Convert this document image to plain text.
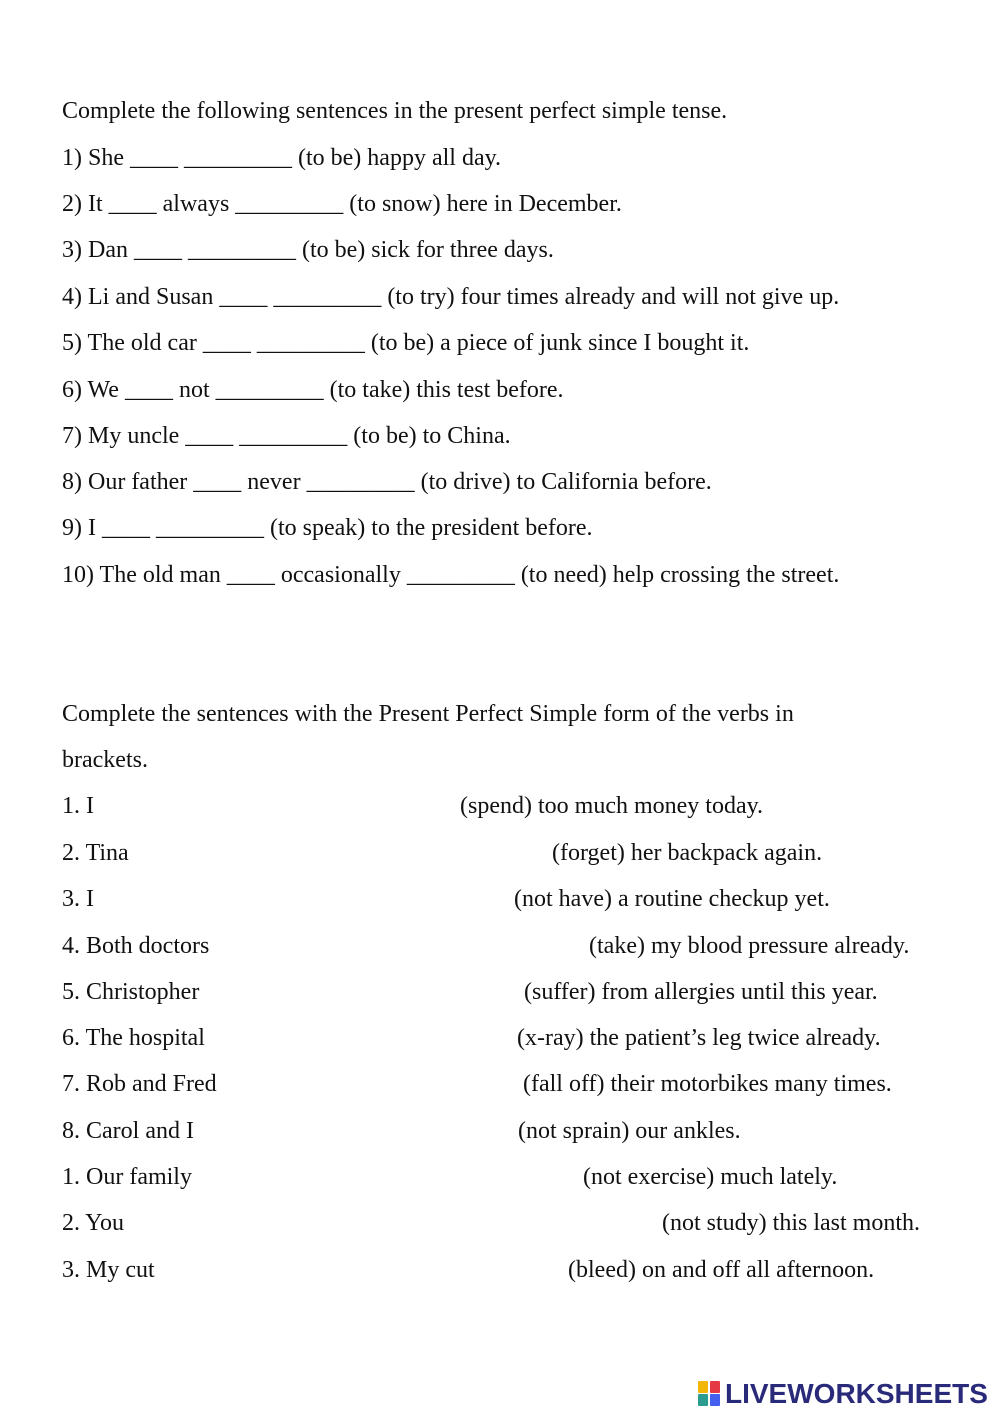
Complete the following sentences in the present perfect simple tense.

1) She ____ _________ (to be) happy all day.

2) It ____ always _________ (to snow) here in December.

3) Dan ____ _________ (to be) sick for three days.

4) Li and Susan ____ _________ (to try) four times already and will not give up.

5) The old car ____ _________ (to be) a piece of junk since I bought it.

6) We ____ not _________ (to take) this test before.

7) My uncle ____ _________ (to be) to China.

8) Our father ____ never _________ (to drive) to California before.

9) I ____ _________ (to speak) to the president before.

10) The old man ____ occasionally _________ (to need) help crossing the street.

Complete the sentences with the Present Perfect Simple form of the verbs in

brackets.

1. I	(spend) too much money today.

2. Tina	(forget) her backpack again.

3. I	(not have) a routine checkup yet.

4. Both doctors	(take) my blood pressure already.

5. Christopher	(suffer) from allergies until this year.

6. The hospital	(x-ray) the patient’s leg twice already.

7. Rob and Fred	(fall off) their motorbikes many times.

8. Carol and I	(not sprain) our ankles.

1. Our family	(not exercise) much lately.

2. You	(not study) this last month.

3. My cut	(bleed) on and off all afternoon.
LIVEWORKSHEETS
